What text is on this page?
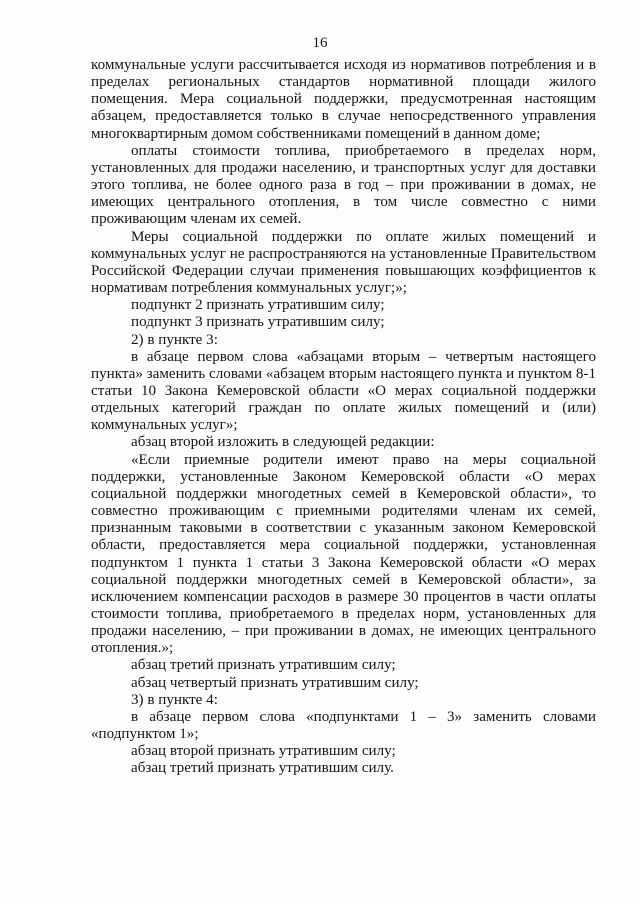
16

коммунальные услуги рассчитывается исходя из нормативов потребления и в пределах региональных стандартов нормативной площади жилого помещения. Мера социальной поддержки, предусмотренная настоящим абзацем, предоставляется только в случае непосредственного управления многоквартирным домом собственниками помещений в данном доме;

оплаты стоимости топлива, приобретаемого в пределах норм, установленных для продажи населению, и транспортных услуг для доставки этого топлива, не более одного раза в год – при проживании в домах, не имеющих центрального отопления, в том числе совместно с ними проживающим членам их семей.

Меры социальной поддержки по оплате жилых помещений и коммунальных услуг не распространяются на установленные Правительством Российской Федерации случаи применения повышающих коэффициентов к нормативам потребления коммунальных услуг;»;

подпункт 2 признать утратившим силу;

подпункт 3 признать утратившим силу;

2) в пункте 3:

в абзаце первом слова «абзацами вторым – четвертым настоящего пункта» заменить словами «абзацем вторым настоящего пункта и пунктом 8-1 статьи 10 Закона Кемеровской области «О мерах социальной поддержки отдельных категорий граждан по оплате жилых помещений и (или) коммунальных услуг»;

абзац второй изложить в следующей редакции:

«Если приемные родители имеют право на меры социальной поддержки, установленные Законом Кемеровской области «О мерах социальной поддержки многодетных семей в Кемеровской области», то совместно проживающим с приемными родителями членам их семей, признанным таковыми в соответствии с указанным законом Кемеровской области, предоставляется мера социальной поддержки, установленная подпунктом 1 пункта 1 статьи 3 Закона Кемеровской области «О мерах социальной поддержки многодетных семей в Кемеровской области», за исключением компенсации расходов в размере 30 процентов в части оплаты стоимости топлива, приобретаемого в пределах норм, установленных для продажи населению, – при проживании в домах, не имеющих центрального отопления.»;

абзац третий признать утратившим силу;

абзац четвертый признать утратившим силу;

3) в пункте 4:

в абзаце первом слова «подпунктами 1 – 3» заменить словами «подпунктом 1»;

абзац второй признать утратившим силу;

абзац третий признать утратившим силу.
